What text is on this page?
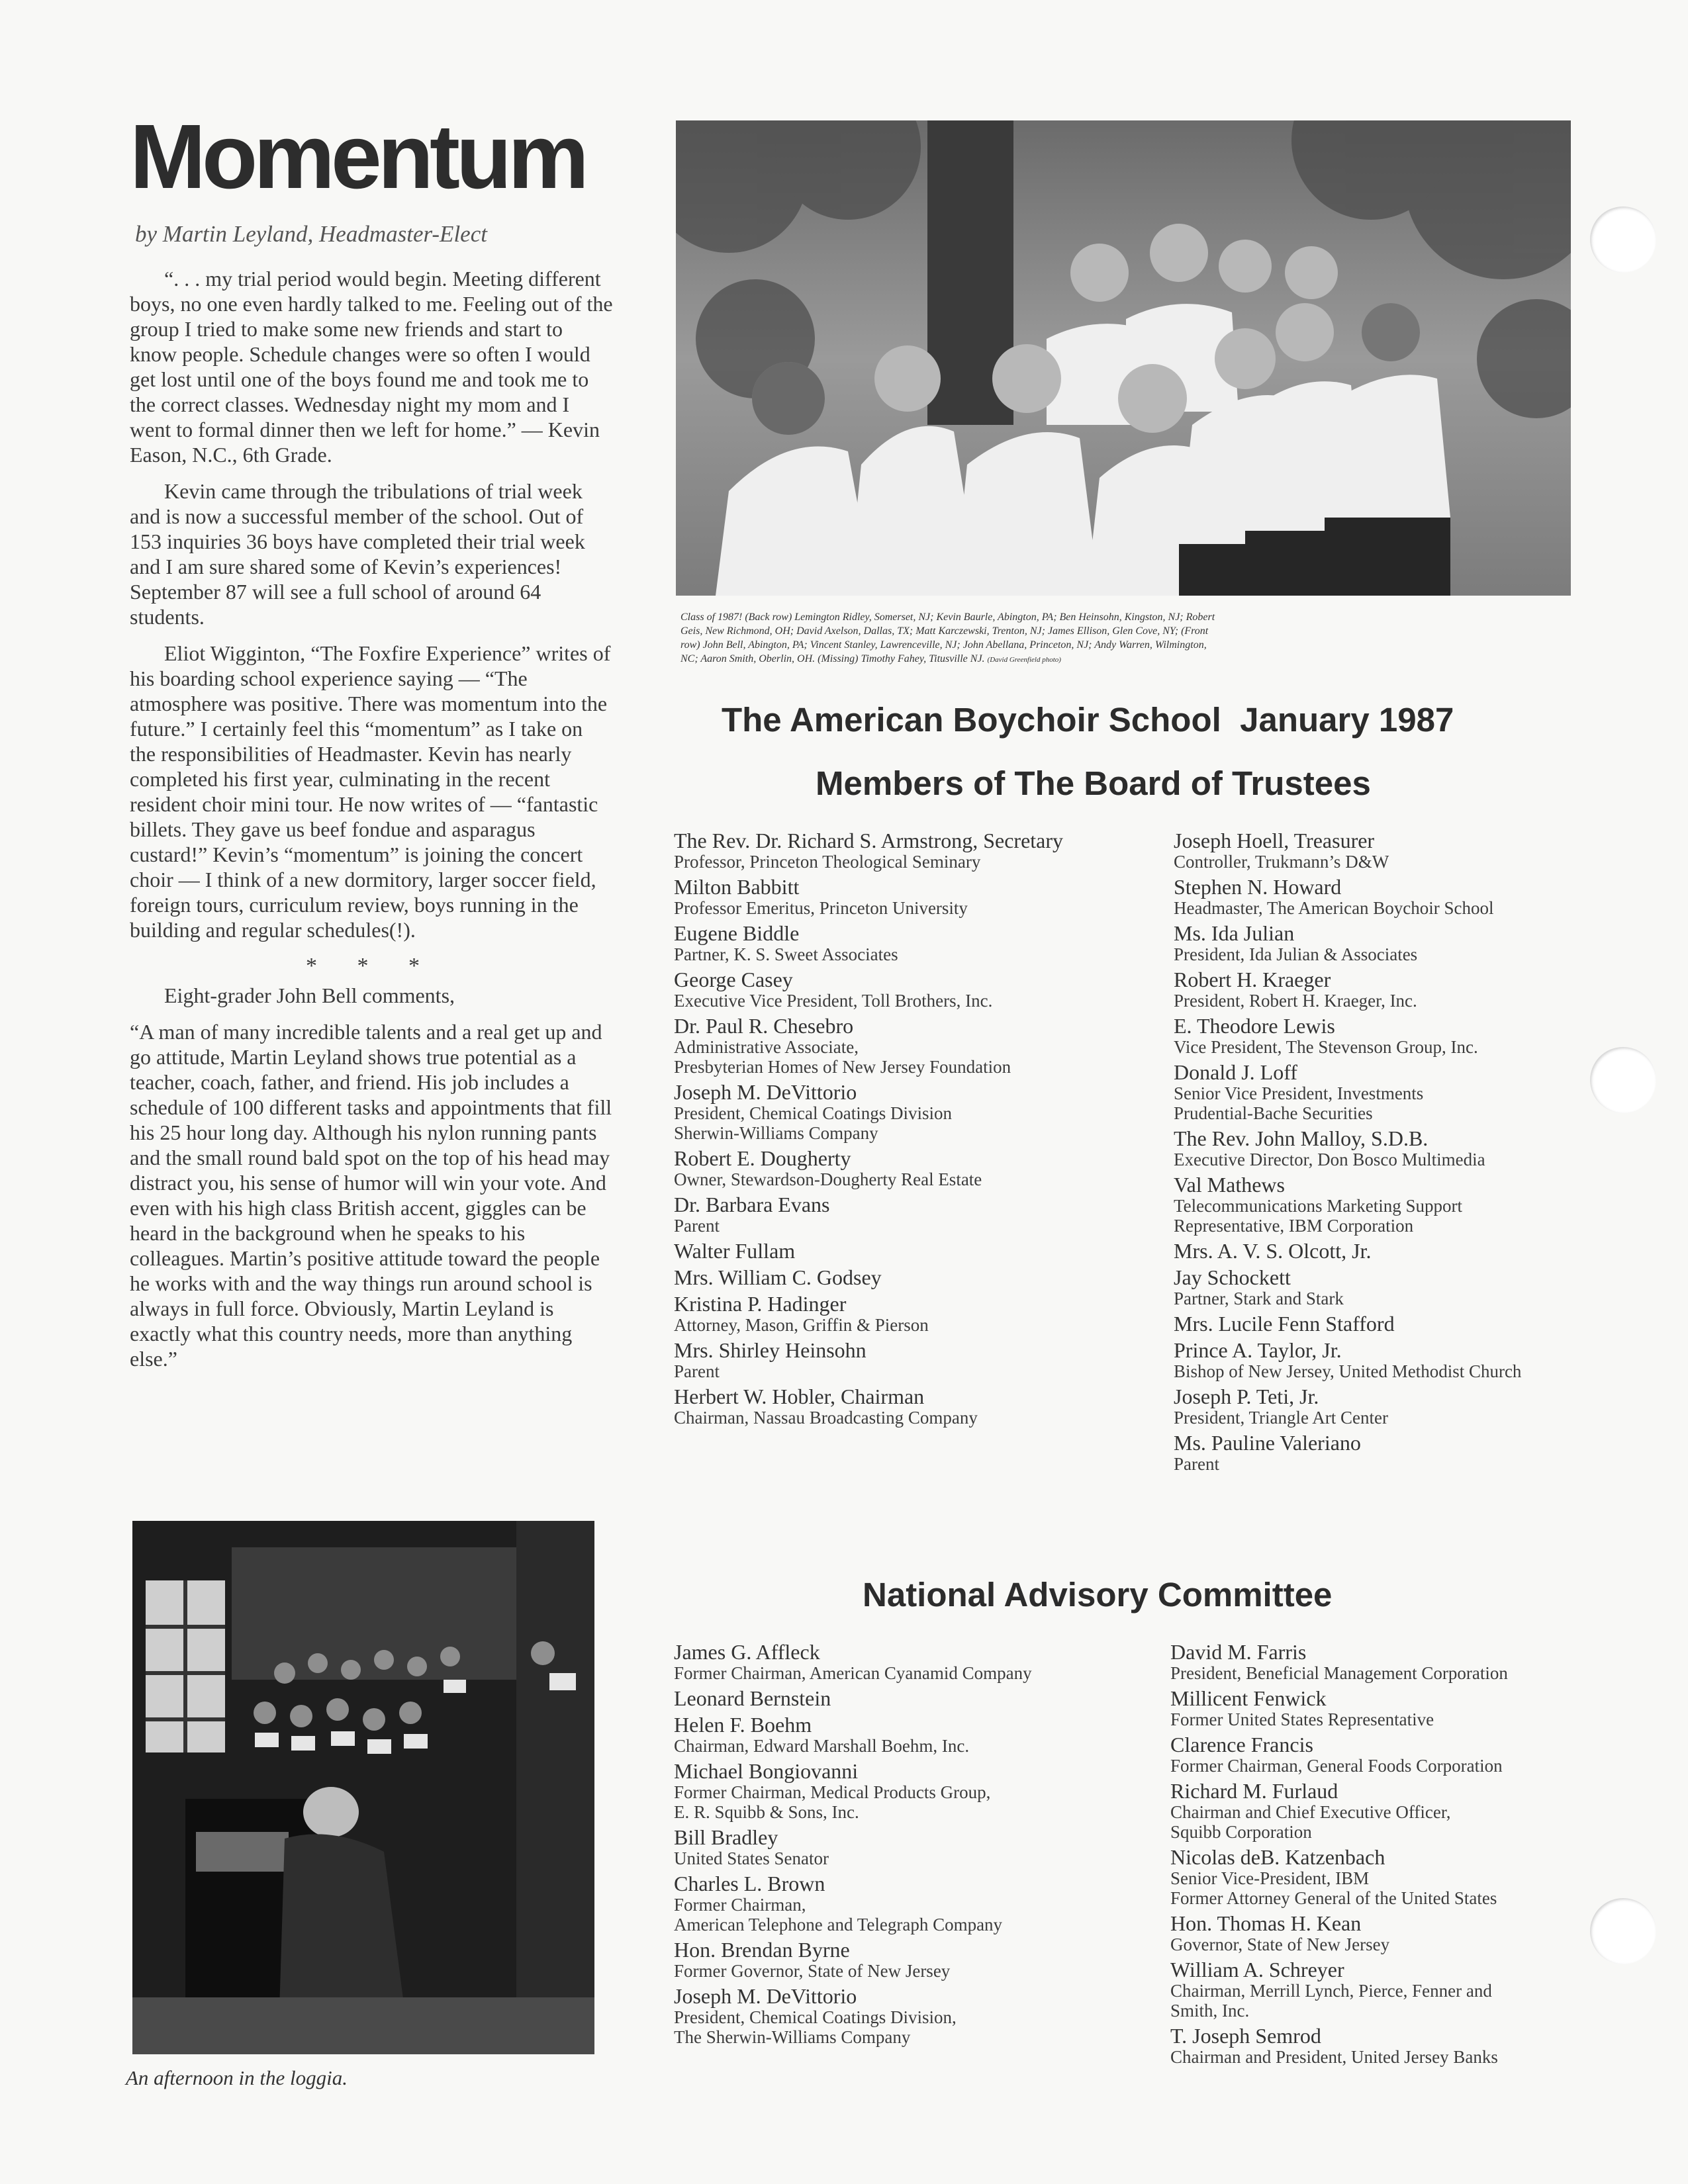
Momentum
by Martin Leyland, Headmaster-Elect

“. . . my trial period would begin. Meeting different boys, no one even hardly talked to me. Feeling out of the group I tried to make some new friends and start to know people. Schedule changes were so often I would get lost until one of the boys found me and took me to the correct classes. Wednesday night my mom and I went to formal dinner then we left for home.” — Kevin Eason, N.C., 6th Grade.

Kevin came through the tribulations of trial week and is now a successful member of the school. Out of 153 inquiries 36 boys have completed their trial week and I am sure shared some of Kevin’s experiences! September 87 will see a full school of around 64 students.

Eliot Wigginton, “The Foxfire Experience” writes of his boarding school experience saying — “The atmosphere was positive. There was momentum into the future.” I certainly feel this “momentum” as I take on the responsibilities of Headmaster. Kevin has nearly completed his first year, culminating in the recent resident choir mini tour. He now writes of — “fantastic billets. They gave us beef fondue and asparagus custard!” Kevin’s “momentum” is joining the concert choir — I think of a new dormitory, larger soccer field, foreign tours, curriculum review, boys running in the building and regular schedules(!).

* * *

Eight-grader John Bell comments,

“A man of many incredible talents and a real get up and go attitude, Martin Leyland shows true potential as a teacher, coach, father, and friend. His job includes a schedule of 100 different tasks and appointments that fill his 25 hour long day. Although his nylon running pants and the small round bald spot on the top of his head may distract you, his sense of humor will win your vote. And even with his high class British accent, giggles can be heard in the background when he speaks to his colleagues. Martin’s positive attitude toward the people he works with and the way things run around school is always in full force. Obviously, Martin Leyland is exactly what this country needs, more than anything else.”

An afternoon in the loggia.
Class of 1987! (Back row) Lemington Ridley, Somerset, NJ; Kevin Baurle, Abington, PA; Ben Heinsohn, Kingston, NJ; Robert Geis, New Richmond, OH; David Axelson, Dallas, TX; Matt Karczewski, Trenton, NJ; James Ellison, Glen Cove, NY; (Front row) John Bell, Abington, PA; Vincent Stanley, Lawrenceville, NJ; John Abellana, Princeton, NJ; Andy Warren, Wilmington, NC; Aaron Smith, Oberlin, OH. (Missing) Timothy Fahey, Titusville NJ. (David Greenfield photo)
The American Boychoir School  January 1987
Members of The Board of Trustees
National Advisory Committee
The Rev. Dr. Richard S. Armstrong, Secretary
Professor, Princeton Theological Seminary
Milton Babbitt
Professor Emeritus, Princeton University
Eugene Biddle
Partner, K. S. Sweet Associates
George Casey
Executive Vice President, Toll Brothers, Inc.
Dr. Paul R. Chesebro
Administrative Associate,
Presbyterian Homes of New Jersey Foundation
Joseph M. DeVittorio
President, Chemical Coatings Division
Sherwin-Williams Company
Robert E. Dougherty
Owner, Stewardson-Dougherty Real Estate
Dr. Barbara Evans
Parent
Walter Fullam
Mrs. William C. Godsey
Kristina P. Hadinger
Attorney, Mason, Griffin & Pierson
Mrs. Shirley Heinsohn
Parent
Herbert W. Hobler, Chairman
Chairman, Nassau Broadcasting Company
Joseph Hoell, Treasurer
Controller, Trukmann’s D&W
Stephen N. Howard
Headmaster, The American Boychoir School
Ms. Ida Julian
President, Ida Julian & Associates
Robert H. Kraeger
President, Robert H. Kraeger, Inc.
E. Theodore Lewis
Vice President, The Stevenson Group, Inc.
Donald J. Loff
Senior Vice President, Investments
Prudential-Bache Securities
The Rev. John Malloy, S.D.B.
Executive Director, Don Bosco Multimedia
Val Mathews
Telecommunications Marketing Support
Representative, IBM Corporation
Mrs. A. V. S. Olcott, Jr.
Jay Schockett
Partner, Stark and Stark
Mrs. Lucile Fenn Stafford
Prince A. Taylor, Jr.
Bishop of New Jersey, United Methodist Church
Joseph P. Teti, Jr.
President, Triangle Art Center
Ms. Pauline Valeriano
Parent
James G. Affleck
Former Chairman, American Cyanamid Company
Leonard Bernstein
Helen F. Boehm
Chairman, Edward Marshall Boehm, Inc.
Michael Bongiovanni
Former Chairman, Medical Products Group,
E. R. Squibb & Sons, Inc.
Bill Bradley
United States Senator
Charles L. Brown
Former Chairman,
American Telephone and Telegraph Company
Hon. Brendan Byrne
Former Governor, State of New Jersey
Joseph M. DeVittorio
President, Chemical Coatings Division,
The Sherwin-Williams Company
David M. Farris
President, Beneficial Management Corporation
Millicent Fenwick
Former United States Representative
Clarence Francis
Former Chairman, General Foods Corporation
Richard M. Furlaud
Chairman and Chief Executive Officer,
Squibb Corporation
Nicolas deB. Katzenbach
Senior Vice-President, IBM
Former Attorney General of the United States
Hon. Thomas H. Kean
Governor, State of New Jersey
William A. Schreyer
Chairman, Merrill Lynch, Pierce, Fenner and
Smith, Inc.
T. Joseph Semrod
Chairman and President, United Jersey Banks
